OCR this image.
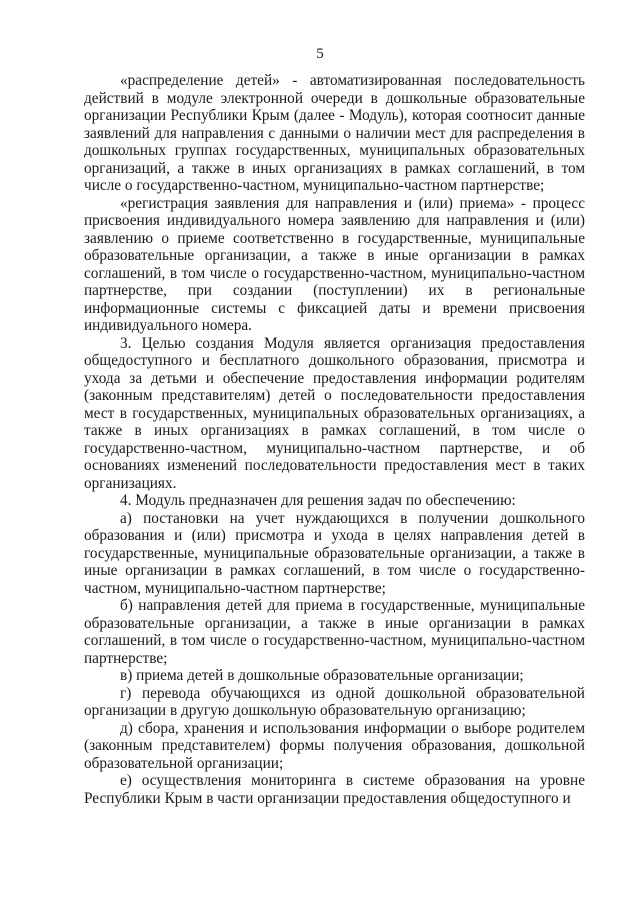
5

«распределение детей» - автоматизированная последовательность действий в модуле электронной очереди в дошкольные образовательные организации Республики Крым (далее - Модуль), которая соотносит данные заявлений для направления с данными о наличии мест для распределения в дошкольных группах государственных, муниципальных образовательных организаций, а также в иных организациях в рамках соглашений, в том числе о государственно-частном, муниципально-частном партнерстве;

«регистрация заявления для направления и (или) приема» - процесс присвоения индивидуального номера заявлению для направления и (или) заявлению о приеме соответственно в государственные, муниципальные образовательные организации, а также в иные организации в рамках соглашений, в том числе о государственно-частном, муниципально-частном партнерстве, при создании (поступлении) их в региональные информационные системы с фиксацией даты и времени присвоения индивидуального номера.

3. Целью создания Модуля является организация предоставления общедоступного и бесплатного дошкольного образования, присмотра и ухода за детьми и обеспечение предоставления информации родителям (законным представителям) детей о последовательности предоставления мест в государственных, муниципальных образовательных организациях, а также в иных организациях в рамках соглашений, в том числе о государственно-частном, муниципально-частном партнерстве, и об основаниях изменений последовательности предоставления мест в таких организациях.

4. Модуль предназначен для решения задач по обеспечению:

а) постановки на учет нуждающихся в получении дошкольного образования и (или) присмотра и ухода в целях направления детей в государственные, муниципальные образовательные организации, а также в иные организации в рамках соглашений, в том числе о государственно-частном, муниципально-частном партнерстве;

б) направления детей для приема в государственные, муниципальные образовательные организации, а также в иные организации в рамках соглашений, в том числе о государственно-частном, муниципально-частном партнерстве;

в) приема детей в дошкольные образовательные организации;

г) перевода обучающихся из одной дошкольной образовательной организации в другую дошкольную образовательную организацию;

д) сбора, хранения и использования информации о выборе родителем (законным представителем) формы получения образования, дошкольной образовательной организации;

е) осуществления мониторинга в системе образования на уровне Республики Крым в части организации предоставления общедоступного и
